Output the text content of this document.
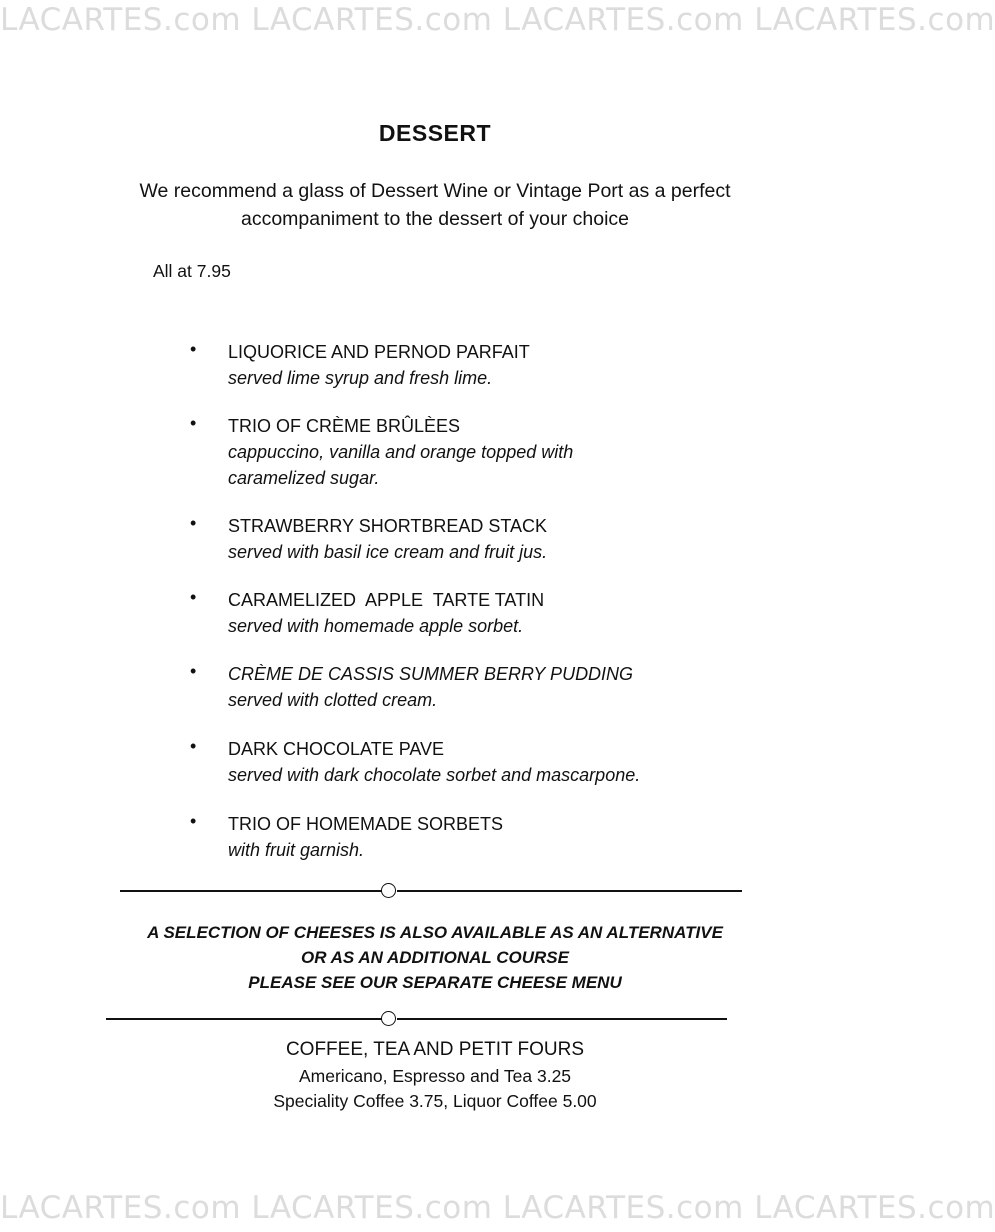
LACARTES.com LACARTES.com LACARTES.com LACARTES.com
DESSERT
We recommend a glass of Dessert Wine or Vintage Port as a perfect accompaniment to the dessert of your choice
All at 7.95
• LIQUORICE AND PERNOD PARFAIT
served lime syrup and fresh lime.
• TRIO OF CRÈME BRÛLÈES
cappuccino, vanilla and orange topped with caramelized sugar.
• STRAWBERRY SHORTBREAD STACK
served with basil ice cream and fruit jus.
• CARAMELIZED  APPLE  TARTE TATIN
served with homemade apple sorbet.
• CRÈME DE CASSIS SUMMER BERRY PUDDING
served with clotted cream.
• DARK CHOCOLATE PAVE
served with dark chocolate sorbet and mascarpone.
• TRIO OF HOMEMADE SORBETS
with fruit garnish.
A SELECTION OF CHEESES IS ALSO AVAILABLE AS AN ALTERNATIVE
OR AS AN ADDITIONAL COURSE
PLEASE SEE OUR SEPARATE CHEESE MENU
COFFEE, TEA AND PETIT FOURS
Americano, Espresso and Tea 3.25
Speciality Coffee 3.75, Liquor Coffee 5.00
LACARTES.com LACARTES.com LACARTES.com LACARTES.com
